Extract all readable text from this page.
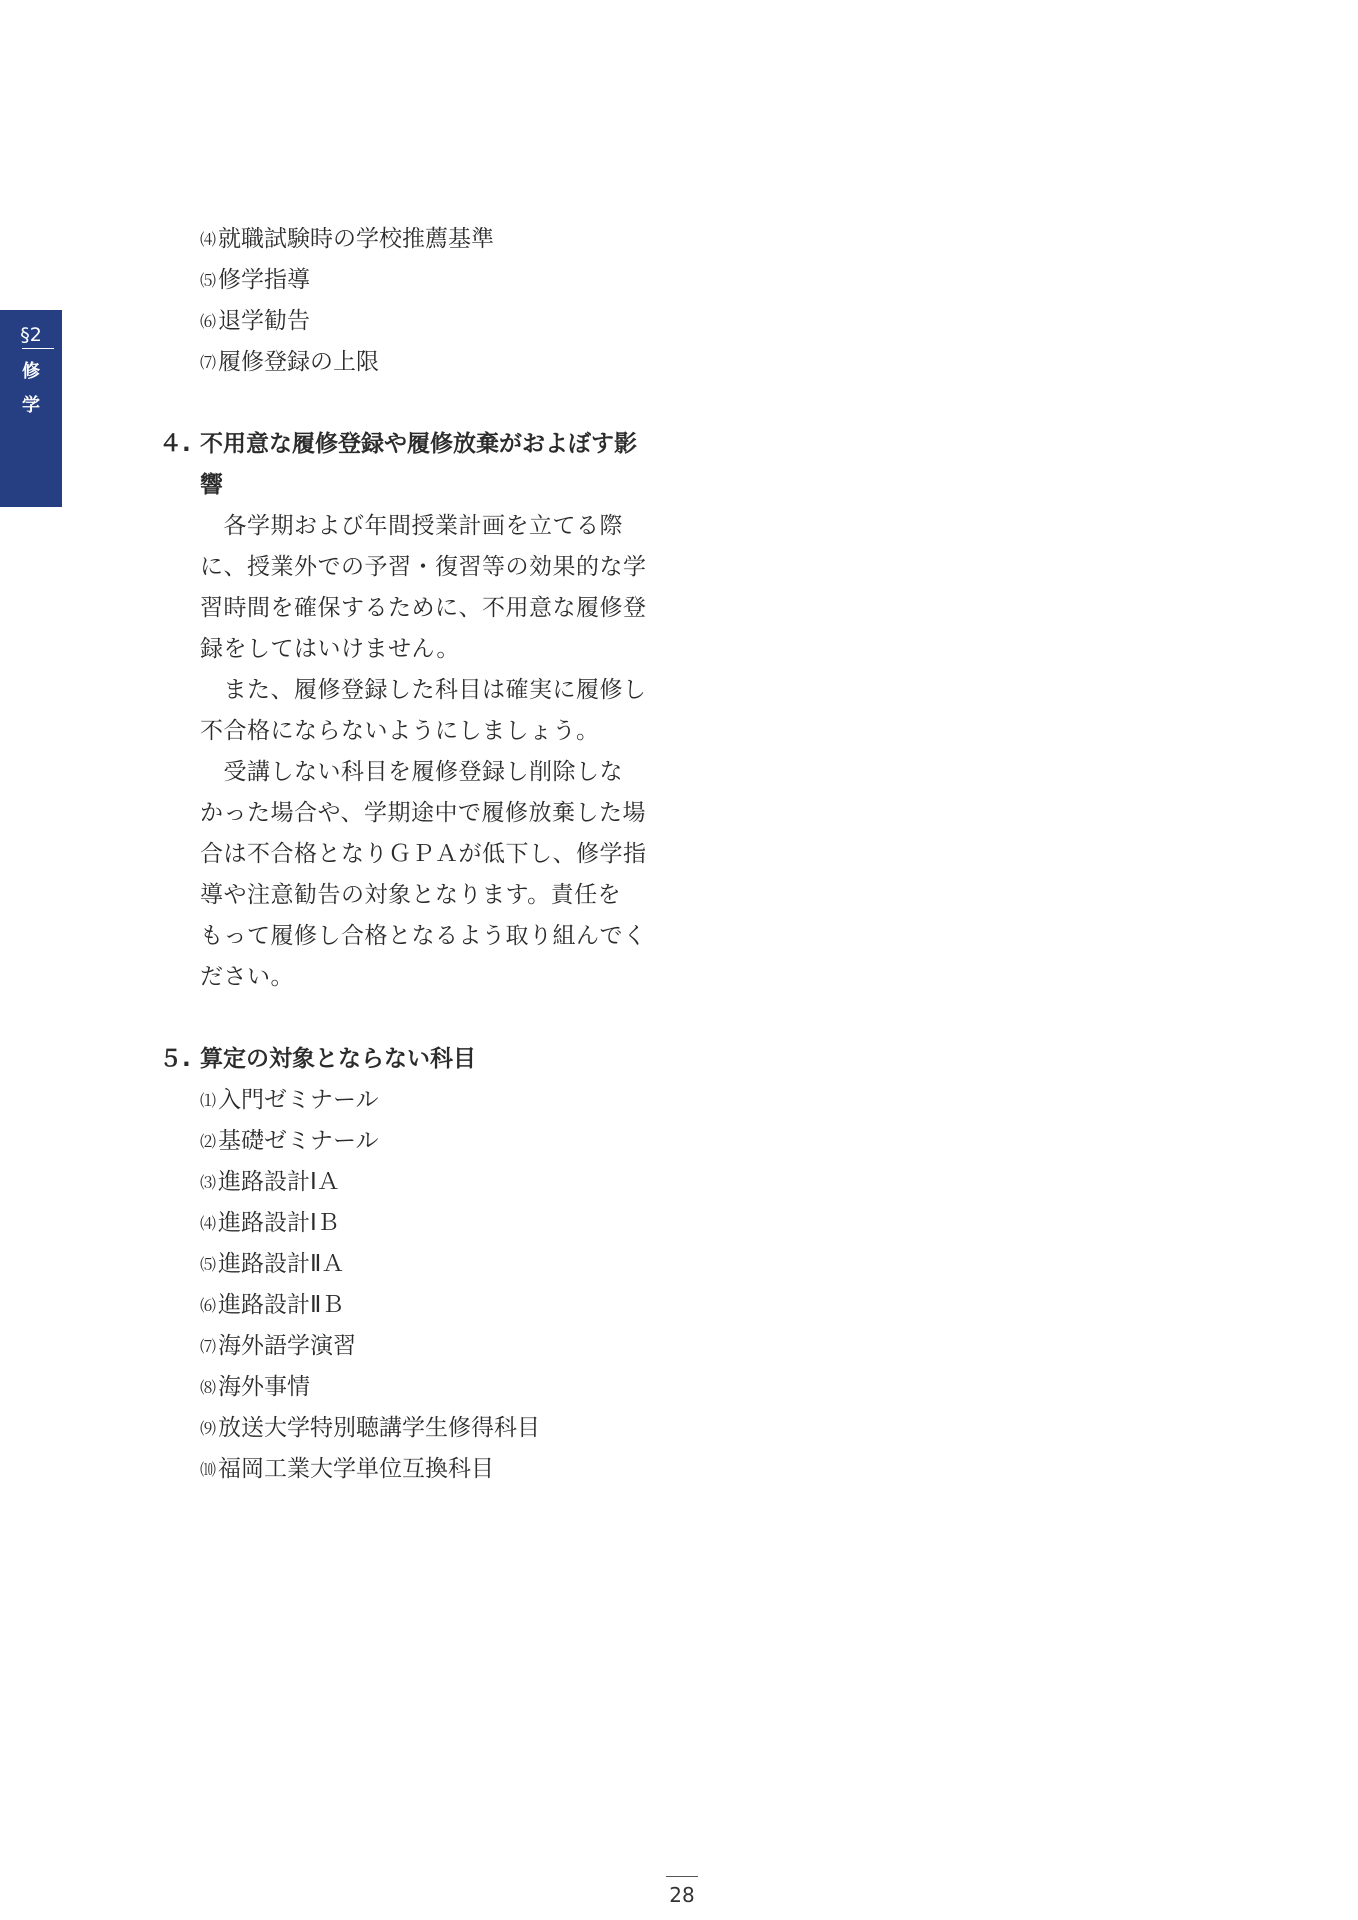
§2
修
学
⑷ 就職試験時の学校推薦基準
⑸ 修学指導
⑹ 退学勧告
⑺ 履修登録の上限
４. 不用意な履修登録や履修放棄がおよぼす影
響
　各学期および年間授業計画を立てる際
に、授業外での予習・復習等の効果的な学
習時間を確保するために、不用意な履修登
録をしてはいけません。
　また、履修登録した科目は確実に履修し
不合格にならないようにしましょう。
　受講しない科目を履修登録し削除しな
かった場合や、学期途中で履修放棄した場
合は不合格となりＧＰＡが低下し、修学指
導や注意勧告の対象となります。責任を
もって履修し合格となるよう取り組んでく
ださい。
５. 算定の対象とならない科目
⑴ 入門ゼミナール
⑵ 基礎ゼミナール
⑶ 進路設計ⅠＡ
⑷ 進路設計ⅠＢ
⑸ 進路設計ⅡＡ
⑹ 進路設計ⅡＢ
⑺ 海外語学演習
⑻ 海外事情
⑼ 放送大学特別聴講学生修得科目
⑽ 福岡工業大学単位互換科目
28
